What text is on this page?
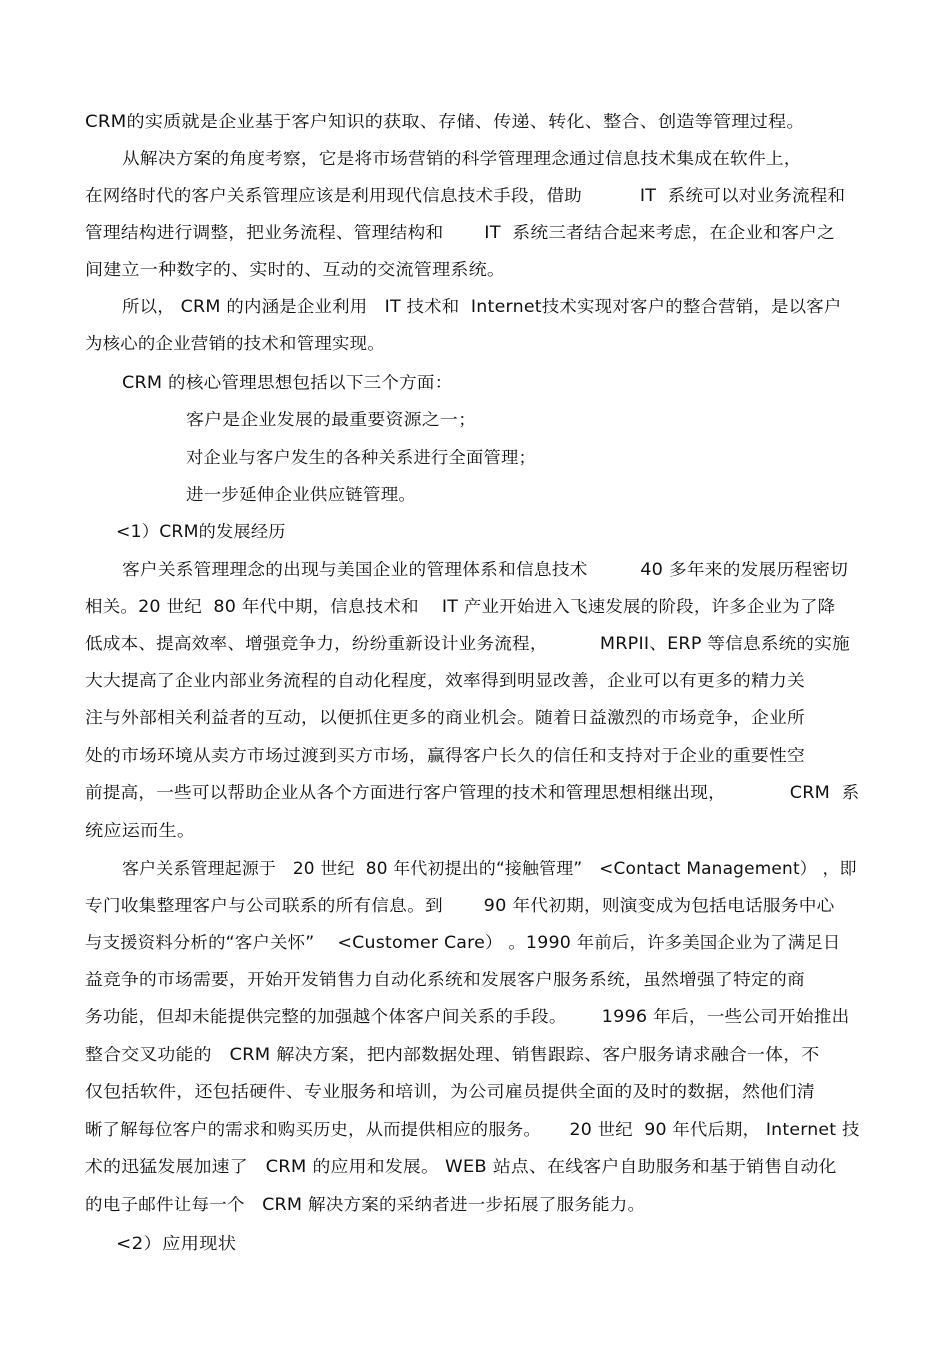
CRM的实质就是企业基于客户知识的获取、存储、传递、转化、整合、创造等管理过程。
从解决方案的角度考察，它是将市场营销的科学管理理念通过信息技术集成在软件上，
在网络时代的客户关系管理应该是利用现代信息技术手段，借助          IT  系统可以对业务流程和
管理结构进行调整，把业务流程、管理结构和       IT  系统三者结合起来考虑，在企业和客户之
间建立一种数字的、实时的、互动的交流管理系统。
所以， CRM 的内涵是企业利用   IT 技术和  Internet技术实现对客户的整合营销，是以客户
为核心的企业营销的技术和管理实现。
CRM 的核心管理思想包括以下三个方面：
客户是企业发展的最重要资源之一；
对企业与客户发生的各种关系进行全面管理；
进一步延伸企业供应链管理。
<1）CRM的发展经历
客户关系管理理念的出现与美国企业的管理体系和信息技术         40 多年来的发展历程密切
相关。20 世纪  80 年代中期，信息技术和    IT 产业开始进入飞速发展的阶段，许多企业为了降
低成本、提高效率、增强竞争力，纷纷重新设计业务流程，         MRPII、ERP 等信息系统的实施
大大提高了企业内部业务流程的自动化程度，效率得到明显改善，企业可以有更多的精力关
注与外部相关利益者的互动，以便抓住更多的商业机会。随着日益激烈的市场竞争，企业所
处的市场环境从卖方市场过渡到买方市场，赢得客户长久的信任和支持对于企业的重要性空
前提高，一些可以帮助企业从各个方面进行客户管理的技术和管理思想相继出现，           CRM  系
统应运而生。
客户关系管理起源于   20 世纪  80 年代初提出的“接触管理”   <Contact Management） ，即
专门收集整理客户与公司联系的所有信息。到       90 年代初期，则演变成为包括电话服务中心
与支援资料分析的“客户关怀”    <Customer Care） 。1990 年前后，许多美国企业为了满足日
益竞争的市场需要，开始开发销售力自动化系统和发展客户服务系统，虽然增强了特定的商
务功能，但却未能提供完整的加强越个体客户间关系的手段。      1996 年后，一些公司开始推出
整合交叉功能的   CRM 解决方案，把内部数据处理、销售跟踪、客户服务请求融合一体，不
仅包括软件，还包括硬件、专业服务和培训，为公司雇员提供全面的及时的数据，然他们清
晰了解每位客户的需求和购买历史，从而提供相应的服务。     20 世纪  90 年代后期， Internet 技
术的迅猛发展加速了   CRM 的应用和发展。 WEB 站点、在线客户自助服务和基于销售自动化
的电子邮件让每一个   CRM 解决方案的采纳者进一步拓展了服务能力。
<2）应用现状
